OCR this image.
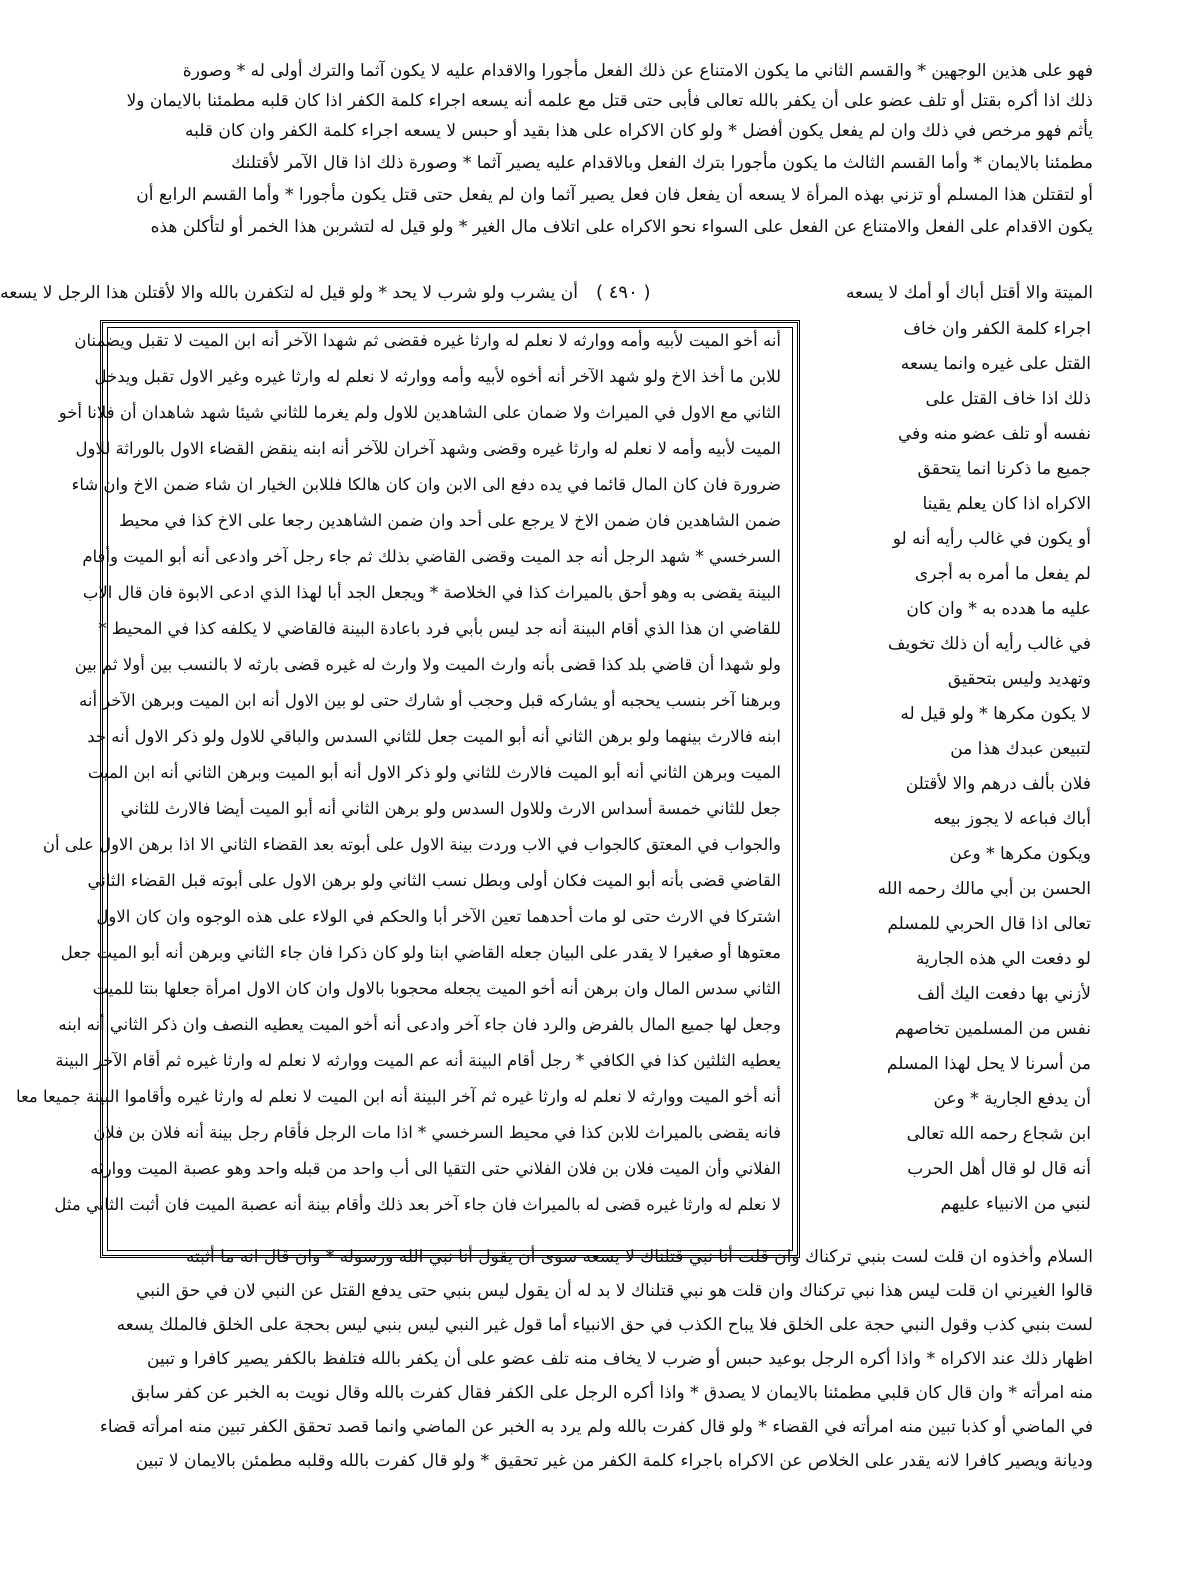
فهو على هذين الوجهين * والقسم الثاني ما يكون الامتناع عن ذلك الفعل مأجورا والاقدام عليه لا يكون آثما والترك أولى له * وصورة
ذلك اذا أكره بقتل أو تلف عضو على أن يكفر بالله تعالى فأبى حتى قتل مع علمه أنه يسعه اجراء كلمة الكفر اذا كان قلبه مطمئنا بالايمان ولا
يأثم فهو مرخص في ذلك وان لم يفعل يكون أفضل * ولو كان الاكراه على هذا بقيد أو حبس لا يسعه اجراء كلمة الكفر وان كان قلبه
مطمئنا بالايمان * وأما القسم الثالث ما يكون مأجورا بترك الفعل وبالاقدام عليه يصير آثما * وصورة ذلك اذا قال الآمر لأقتلنك
أو لتقتلن هذا المسلم أو تزني بهذه المرأة لا يسعه أن يفعل فان فعل يصير آثما وان لم يفعل حتى قتل يكون مأجورا * وأما القسم الرابع أن
يكون الاقدام على الفعل والامتناع عن الفعل على السواء نحو الاكراه على اتلاف مال الغير * ولو قيل له لتشربن هذا الخمر أو لتأكلن هذه
الميتة والا أقتل أباك أو أمك لا يسعه
( ٤٩٠ )
أن يشرب ولو شرب لا يحد * ولو قيل له لتكفرن بالله والا لأقتلن هذا الرجل لا يسعه
اجراء كلمة الكفر وان خاف
القتل على غيره وانما يسعه
ذلك اذا خاف القتل على
نفسه أو تلف عضو منه وفي
جميع ما ذكرنا انما يتحقق
الاكراه اذا كان يعلم يقينا
أو يكون في غالب رأيه أنه لو
لم يفعل ما أمره به أجرى
عليه ما هدده به * وان كان
في غالب رأيه أن ذلك تخويف
وتهديد وليس بتحقيق
لا يكون مكرها * ولو قيل له
لتبيعن عبدك هذا من
فلان بألف درهم والا لأقتلن
أباك فباعه لا يجوز بيعه
ويكون مكرها * وعن
الحسن بن أبي مالك رحمه الله
تعالى اذا قال الحربي للمسلم
لو دفعت الي هذه الجارية
لأزني بها دفعت اليك ألف
نفس من المسلمين تخاصهم
من أسرنا لا يحل لهذا المسلم
أن يدفع الجارية * وعن
ابن شجاع رحمه الله تعالى
أنه قال لو قال أهل الحرب
لنبي من الانبياء عليهم
أنه أخو الميت لأبيه وأمه ووارثه لا نعلم له وارثا غيره فقضى ثم شهدا الآخر أنه ابن الميت لا تقبل ويضمنان
للابن ما أخذ الاخ ولو شهد الآخر أنه أخوه لأبيه وأمه ووارثه لا نعلم له وارثا غيره وغير الاول تقبل ويدخل
الثاني مع الاول في الميراث ولا ضمان على الشاهدين للاول ولم يغرما للثاني شيئا شهد شاهدان أن فلانا أخو
الميت لأبيه وأمه لا نعلم له وارثا غيره وقضى وشهد آخران للآخر أنه ابنه ينقض القضاء الاول بالوراثة للاول
ضرورة فان كان المال قائما في يده دفع الى الابن وان كان هالكا فللابن الخيار ان شاء ضمن الاخ وان شاء
ضمن الشاهدين فان ضمن الاخ لا يرجع على أحد وان ضمن الشاهدين رجعا على الاخ كذا في محيط
السرخسي * شهد الرجل أنه جد الميت وقضى القاضي بذلك ثم جاء رجل آخر وادعى أنه أبو الميت وأقام
البينة يقضى به وهو أحق بالميراث كذا في الخلاصة * ويجعل الجد أبا لهذا الذي ادعى الابوة فان قال الاب
للقاضي ان هذا الذي أقام البينة أنه جد ليس بأبي فرد باعادة البينة فالقاضي لا يكلفه كذا في المحيط *
ولو شهدا أن قاضي بلد كذا قضى بأنه وارث الميت ولا وارث له غيره قضى بارثه لا بالنسب بين أولا ثم بين
وبرهنا آخر بنسب يحجبه أو يشاركه قبل وحجب أو شارك حتى لو بين الاول أنه ابن الميت وبرهن الآخر أنه
ابنه فالارث بينهما ولو برهن الثاني أنه أبو الميت جعل للثاني السدس والباقي للاول ولو ذكر الاول أنه جد
الميت وبرهن الثاني أنه أبو الميت فالارث للثاني ولو ذكر الاول أنه أبو الميت وبرهن الثاني أنه ابن الميت
جعل للثاني خمسة أسداس الارث وللاول السدس ولو برهن الثاني أنه أبو الميت أيضا فالارث للثاني
والجواب في المعتق كالجواب في الاب وردت بينة الاول على أبوته بعد القضاء الثاني الا اذا برهن الاول على أن
القاضي قضى بأنه أبو الميت فكان أولى وبطل نسب الثاني ولو برهن الاول على أبوته قبل القضاء الثاني
اشتركا في الارث حتى لو مات أحدهما تعين الآخر أبا والحكم في الولاء على هذه الوجوه وان كان الاول
معتوها أو صغيرا لا يقدر على البيان جعله القاضي ابنا ولو كان ذكرا فان جاء الثاني وبرهن أنه أبو الميت جعل
الثاني سدس المال وان برهن أنه أخو الميت يجعله محجوبا بالاول وان كان الاول امرأة جعلها بنتا للميت
وجعل لها جميع المال بالفرض والرد فان جاء آخر وادعى أنه أخو الميت يعطيه النصف وان ذكر الثاني أنه ابنه
يعطيه الثلثين كذا في الكافي * رجل أقام البينة أنه عم الميت ووارثه لا نعلم له وارثا غيره ثم أقام الآخر البينة
أنه أخو الميت ووارثه لا نعلم له وارثا غيره ثم آخر البينة أنه ابن الميت لا نعلم له وارثا غيره وأقاموا البينة جميعا معا
فانه يقضى بالميراث للابن كذا في محيط السرخسي * اذا مات الرجل فأقام رجل بينة أنه فلان بن فلان
الفلاني وأن الميت فلان بن فلان الفلاني حتى التقيا الى أب واحد من قبله واحد وهو عصبة الميت ووارثه
لا نعلم له وارثا غيره قضى له بالميراث فان جاء آخر بعد ذلك وأقام بينة أنه عصبة الميت فان أثبت الثاني مثل
السلام وأخذوه ان قلت لست بنبي تركناك وان قلت أنا نبي قتلناك لا يسعه سوى أن يقول أنا نبي الله ورسوله * وان قال انه ما أثبته
قالوا الغيرني ان قلت ليس هذا نبي تركناك وان قلت هو نبي قتلناك لا بد له أن يقول ليس بنبي حتى يدفع القتل عن النبي لان في حق النبي
لست بنبي كذب وقول النبي حجة على الخلق فلا يباح الكذب في حق الانبياء أما قول غير النبي ليس بنبي ليس بحجة على الخلق فالملك يسعه
اظهار ذلك عند الاكراه * واذا أكره الرجل بوعيد حبس أو ضرب لا يخاف منه تلف عضو على أن يكفر بالله فتلفظ بالكفر يصير كافرا و تبين
منه امرأته * وان قال كان قلبي مطمئنا بالايمان لا يصدق * واذا أكره الرجل على الكفر فقال كفرت بالله وقال نويت به الخبر عن كفر سابق
في الماضي أو كذبا تبين منه امرأته في القضاء * ولو قال كفرت بالله ولم يرد به الخبر عن الماضي وانما قصد تحقق الكفر تبين منه امرأته قضاء
وديانة ويصير كافرا لانه يقدر على الخلاص عن الاكراه باجراء كلمة الكفر من غير تحقيق * ولو قال كفرت بالله وقلبه مطمئن بالايمان لا تبين
